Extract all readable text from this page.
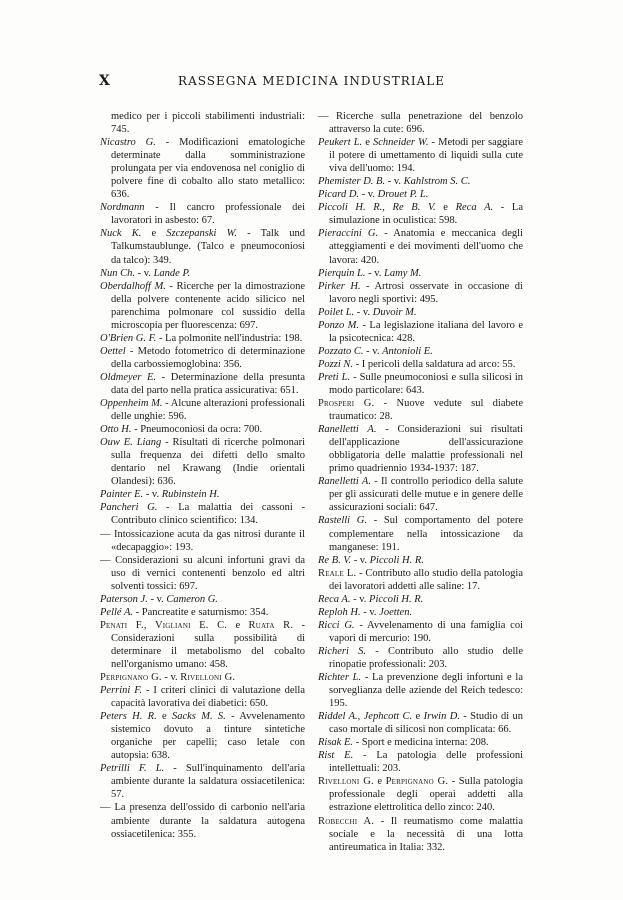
X	RASSEGNA MEDICINA INDUSTRIALE

medico per i piccoli stabilimenti industriali: 745.

Nicastro G. - Modificazioni ematologiche determinate dalla somministrazione prolungata per via endovenosa nel coniglio di polvere fine di cobalto allo stato metallico: 636.

Nordmann - Il cancro professionale dei lavoratori in asbesto: 67.

Nuck K. e Szczepanski W. - Talk und Talkumstaublunge. (Talco e pneumoconiosi da talco): 349.

Nun Ch. - v. Lande P.

Oberdalhoff M. - Ricerche per la dimostrazione della polvere contenente acido silicico nel parenchima polmonare col sussidio della microscopia per fluorescenza: 697.

O'Brien G. F. - La polmonite nell'industria: 198.

Oettel - Metodo fotometrico di determinazione della carbossiemoglobina: 356.

Oldmeyer E. - Determinazione della presunta data del parto nella pratica assicurativa: 651.

Oppenheim M. - Alcune alterazioni professionali delle unghie: 596.

Otto H. - Pneumoconiosi da ocra: 700.

Ouw E. Liang - Risultati di ricerche polmonari sulla frequenza dei difetti dello smalto dentario nel Krawang (Indie orientali Olandesi): 636.

Painter E. - v. Rubinstein H.

Pancheri G. - La malattia dei cassoni - Contributo clinico scientifico: 134.

— Intossicazione acuta da gas nitrosi durante il «decapaggio»: 193.

— Considerazioni su alcuni infortuni gravi da uso di vernici contenenti benzolo ed altri solventi tossici: 697.

Paterson J. - v. Cameron G.

Pellé A. - Pancreatite e saturnismo: 354.

Penati F., Vigliani E. C. e Ruata R. - Considerazioni sulla possibilità di determinare il metabolismo del cobalto nell'organismo umano: 458.

Perpignano G. - v. Rivelloni G.

Perrini F. - I criteri clinici di valutazione della capacità lavorativa dei diabetici: 650.

Peters H. R. e Sacks M. S. - Avvelenamento sistemico dovuto a tinture sintetiche organiche per capelli; caso letale con autopsia: 638.

Petrilli F. L. - Sull'inquinamento dell'aria ambiente durante la saldatura ossiacetilenica: 57.

— La presenza dell'ossido di carbonio nell'aria ambiente durante la saldatura autogena ossiacetilenica: 355.

— Ricerche sulla penetrazione del benzolo attraverso la cute: 696.

Peukert L. e Schneider W. - Metodi per saggiare il potere di umettamento di liquidi sulla cute viva dell'uomo: 194.

Phemister D. B. - v. Kahlstrom S. C.

Picard D. - v. Drouet P. L.

Piccoli H. R., Re B. V. e Reca A. - La simulazione in oculistica: 598.

Pieraccini G. - Anatomia e meccanica degli atteggiamenti e dei movimenti dell'uomo che lavora: 420.

Pierquin L. - v. Lamy M.

Pirker H. - Artrosi osservate in occasione di lavoro negli sportivi: 495.

Poilet L. - v. Duvoir M.

Ponzo M. - La legislazione italiana del lavoro e la psicotecnica: 428.

Pozzato C. - v. Antonioli E.

Pozzi N. - I pericoli della saldatura ad arco: 55.

Preti L. - Sulle pneumoconiosi e sulla silicosi in modo particolare: 643.

Prosperi G. - Nuove vedute sul diabete traumatico: 28.

Ranelletti A. - Considerazioni sui risultati dell'applicazione dell'assicurazione obbligatoria delle malattie professionali nel primo quadriennio 1934-1937: 187.

Ranelletti A. - Il controllo periodico della salute per gli assicurati delle mutue e in genere delle assicurazioni sociali: 647.

Rastelli G. - Sul comportamento del potere complementare nella intossicazione da manganese: 191.

Re B. V. - v. Piccoli H. R.

Reale L. - Contributo allo studio della patologia dei lavoratori addetti alle saline: 17.

Reca A. - v. Piccoli H. R.

Reploh H. - v. Joetten.

Ricci G. - Avvelenamento di una famiglia coi vapori di mercurio: 190.

Richeri S. - Contributo allo studio delle rinopatie professionali: 203.

Richter L. - La prevenzione degli infortuni e la sorveglianza delle aziende del Reich tedesco: 195.

Riddel A., Jephcott C. e Irwin D. - Studio di un caso mortale di silicosi non complicata: 66.

Risak E. - Sport e medicina interna: 208.

Rist E. - La patologia delle professioni intellettuali: 203.

Rivelloni G. e Perpignano G. - Sulla patologia professionale degli operai addetti alla estrazione elettrolitica dello zinco: 240.

Robecchi A. - Il reumatismo come malattia sociale e la necessità di una lotta antireumatica in Italia: 332.
